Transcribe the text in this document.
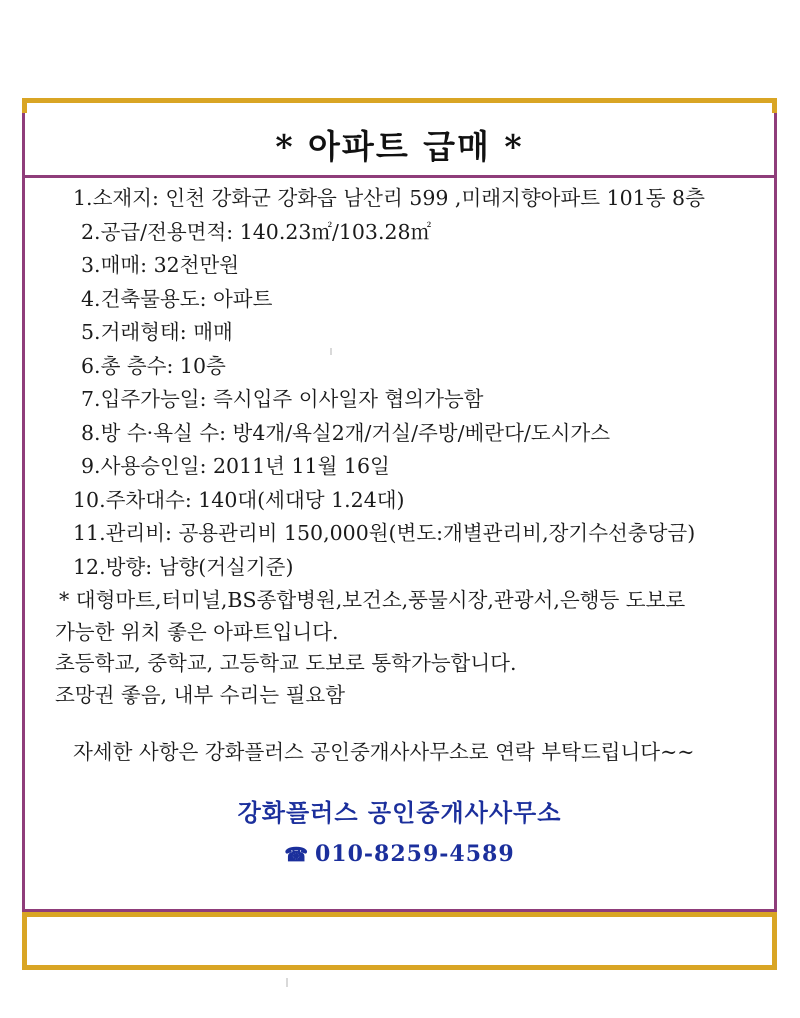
* 아파트 급매 *
1.소재지: 인천 강화군 강화읍 남산리 599 ,미래지향아파트 101동 8층
2.공급/전용면적: 140.23㎡/103.28㎡
3.매매: 32천만원
4.건축물용도: 아파트
5.거래형태: 매매
6.총 층수: 10층
7.입주가능일: 즉시입주 이사일자 협의가능함
8.방 수·욕실 수: 방4개/욕실2개/거실/주방/베란다/도시가스
9.사용승인일: 2011년 11월 16일
10.주차대수: 140대(세대당 1.24대)
11.관리비: 공용관리비 150,000원(변도:개별관리비,장기수선충당금)
12.방향: 남향(거실기준)
* 대형마트,터미널,BS종합병원,보건소,풍물시장,관광서,은행등 도보로
가능한 위치 좋은 아파트입니다.
초등학교, 중학교, 고등학교 도보로 통학가능합니다.
조망권 좋음, 내부 수리는 필요함
자세한 사항은 강화플러스 공인중개사사무소로 연락 부탁드립니다~~
강화플러스 공인중개사사무소
☎ 010-8259-4589
